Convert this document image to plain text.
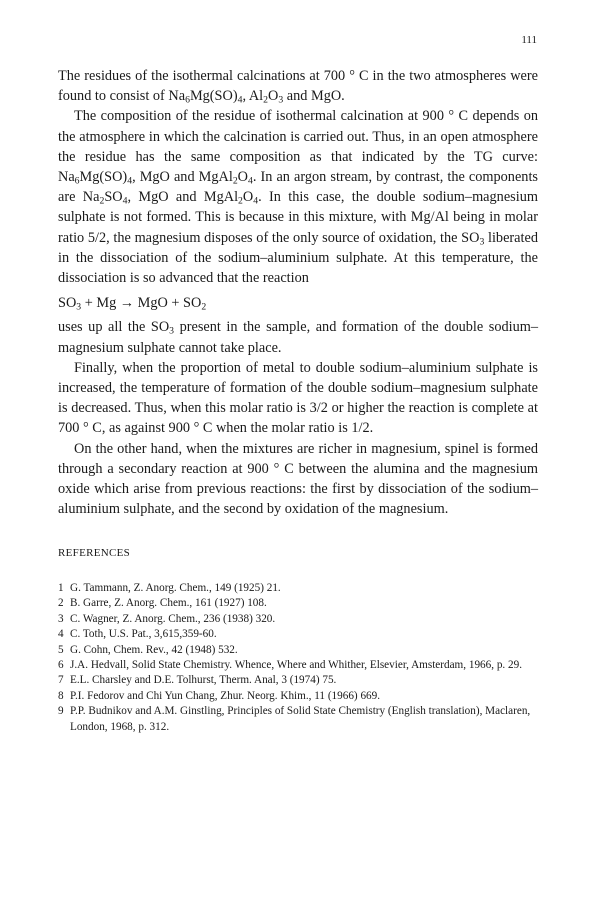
111

The residues of the isothermal calcinations at 700 ° C in the two atmospheres were found to consist of $Na_6Mg(SO)_4$, $Al_2O_3$ and MgO.

The composition of the residue of isothermal calcination at 900 ° C depends on the atmosphere in which the calcination is carried out. Thus, in an open atmosphere the residue has the same composition as that indicated by the TG curve: $Na_6Mg(SO)_4$, MgO and $MgAl_2O_4$. In an argon stream, by contrast, the components are $Na_2SO_4$, MgO and $MgAl_2O_4$. In this case, the double sodium–magnesium sulphate is not formed. This is because in this mixture, with Mg/Al being in molar ratio 5/2, the magnesium disposes of the only source of oxidation, the $SO_3$ liberated in the dissociation of the sodium–aluminium sulphate. At this temperature, the dissociation is so advanced that the reaction

$SO_3 + Mg$ → MgO + $SO_2$

uses up all the $SO_3$ present in the sample, and formation of the double sodium–magnesium sulphate cannot take place.

Finally, when the proportion of metal to double sodium–aluminium sulphate is increased, the temperature of formation of the double sodium–magnesium sulphate is decreased. Thus, when this molar ratio is 3/2 or higher the reaction is complete at 700 ° C, as against 900 ° C when the molar ratio is 1/2.

On the other hand, when the mixtures are richer in magnesium, spinel is formed through a secondary reaction at 900 ° C between the alumina and the magnesium oxide which arise from previous reactions: the first by dissociation of the sodium–aluminium sulphate, and the second by oxidation of the magnesium.

REFERENCES
1 G. Tammann, Z. Anorg. Chem., 149 (1925) 21.
2 B. Garre, Z. Anorg. Chem., 161 (1927) 108.
3 C. Wagner, Z. Anorg. Chem., 236 (1938) 320.
4 C. Toth, U.S. Pat., 3,615,359-60.
5 G. Cohn, Chem. Rev., 42 (1948) 532.
6 J.A. Hedvall, Solid State Chemistry. Whence, Where and Whither, Elsevier, Amsterdam, 1966, p. 29.
7 E.L. Charsley and D.E. Tolhurst, Therm. Anal, 3 (1974) 75.
8 P.I. Fedorov and Chi Yun Chang, Zhur. Neorg. Khim., 11 (1966) 669.
9 P.P. Budnikov and A.M. Ginstling, Principles of Solid State Chemistry (English translation), Maclaren, London, 1968, p. 312.
